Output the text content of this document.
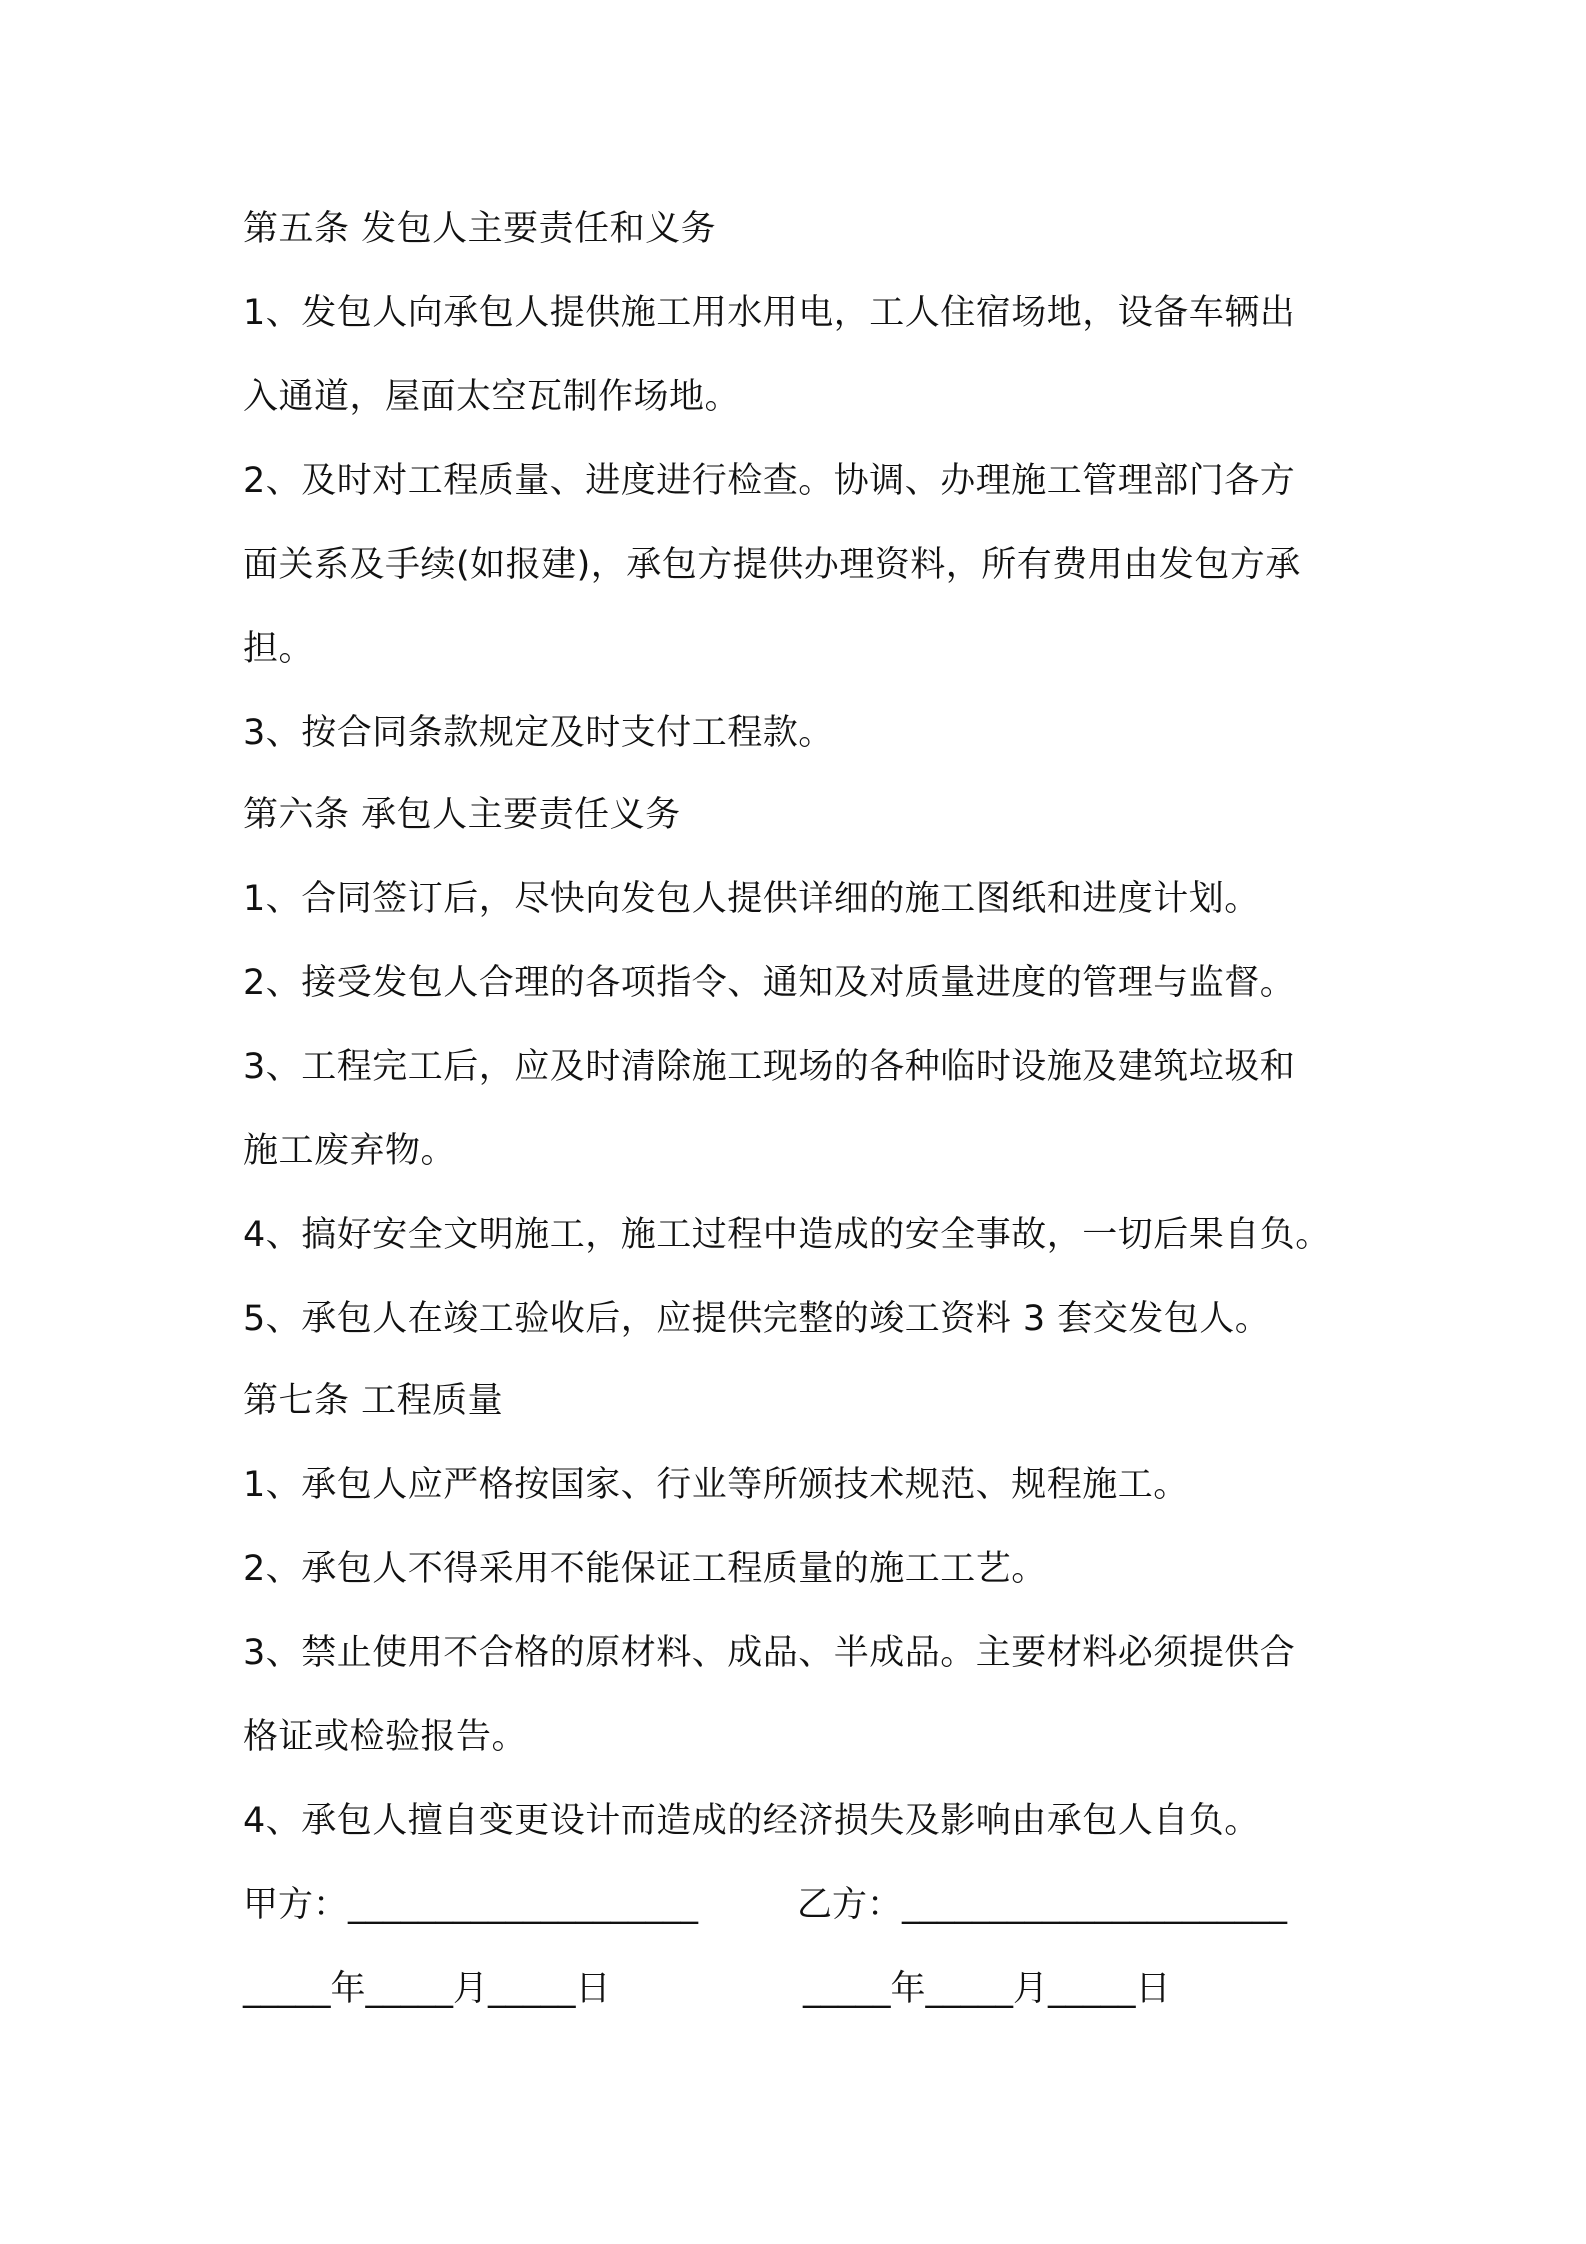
第五条 发包人主要责任和义务
1、发包人向承包人提供施工用水用电，工人住宿场地，设备车辆出
入通道，屋面太空瓦制作场地。
2、及时对工程质量、进度进行检查。协调、办理施工管理部门各方
面关系及手续(如报建)，承包方提供办理资料，所有费用由发包方承
担。
3、按合同条款规定及时支付工程款。
第六条 承包人主要责任义务
1、合同签订后，尽快向发包人提供详细的施工图纸和进度计划。
2、接受发包人合理的各项指令、通知及对质量进度的管理与监督。
3、工程完工后，应及时清除施工现场的各种临时设施及建筑垃圾和
施工废弃物。
4、搞好安全文明施工，施工过程中造成的安全事故，一切后果自负。
5、承包人在竣工验收后，应提供完整的竣工资料 3 套交发包人。
第七条 工程质量
1、承包人应严格按国家、行业等所颁技术规范、规程施工。
2、承包人不得采用不能保证工程质量的施工工艺。
3、禁止使用不合格的原材料、成品、半成品。主要材料必须提供合
格证或检验报告。
4、承包人擅自变更设计而造成的经济损失及影响由承包人自负。
甲方：____________________	乙方：______________________
_____年_____月_____日	_____年_____月_____日
